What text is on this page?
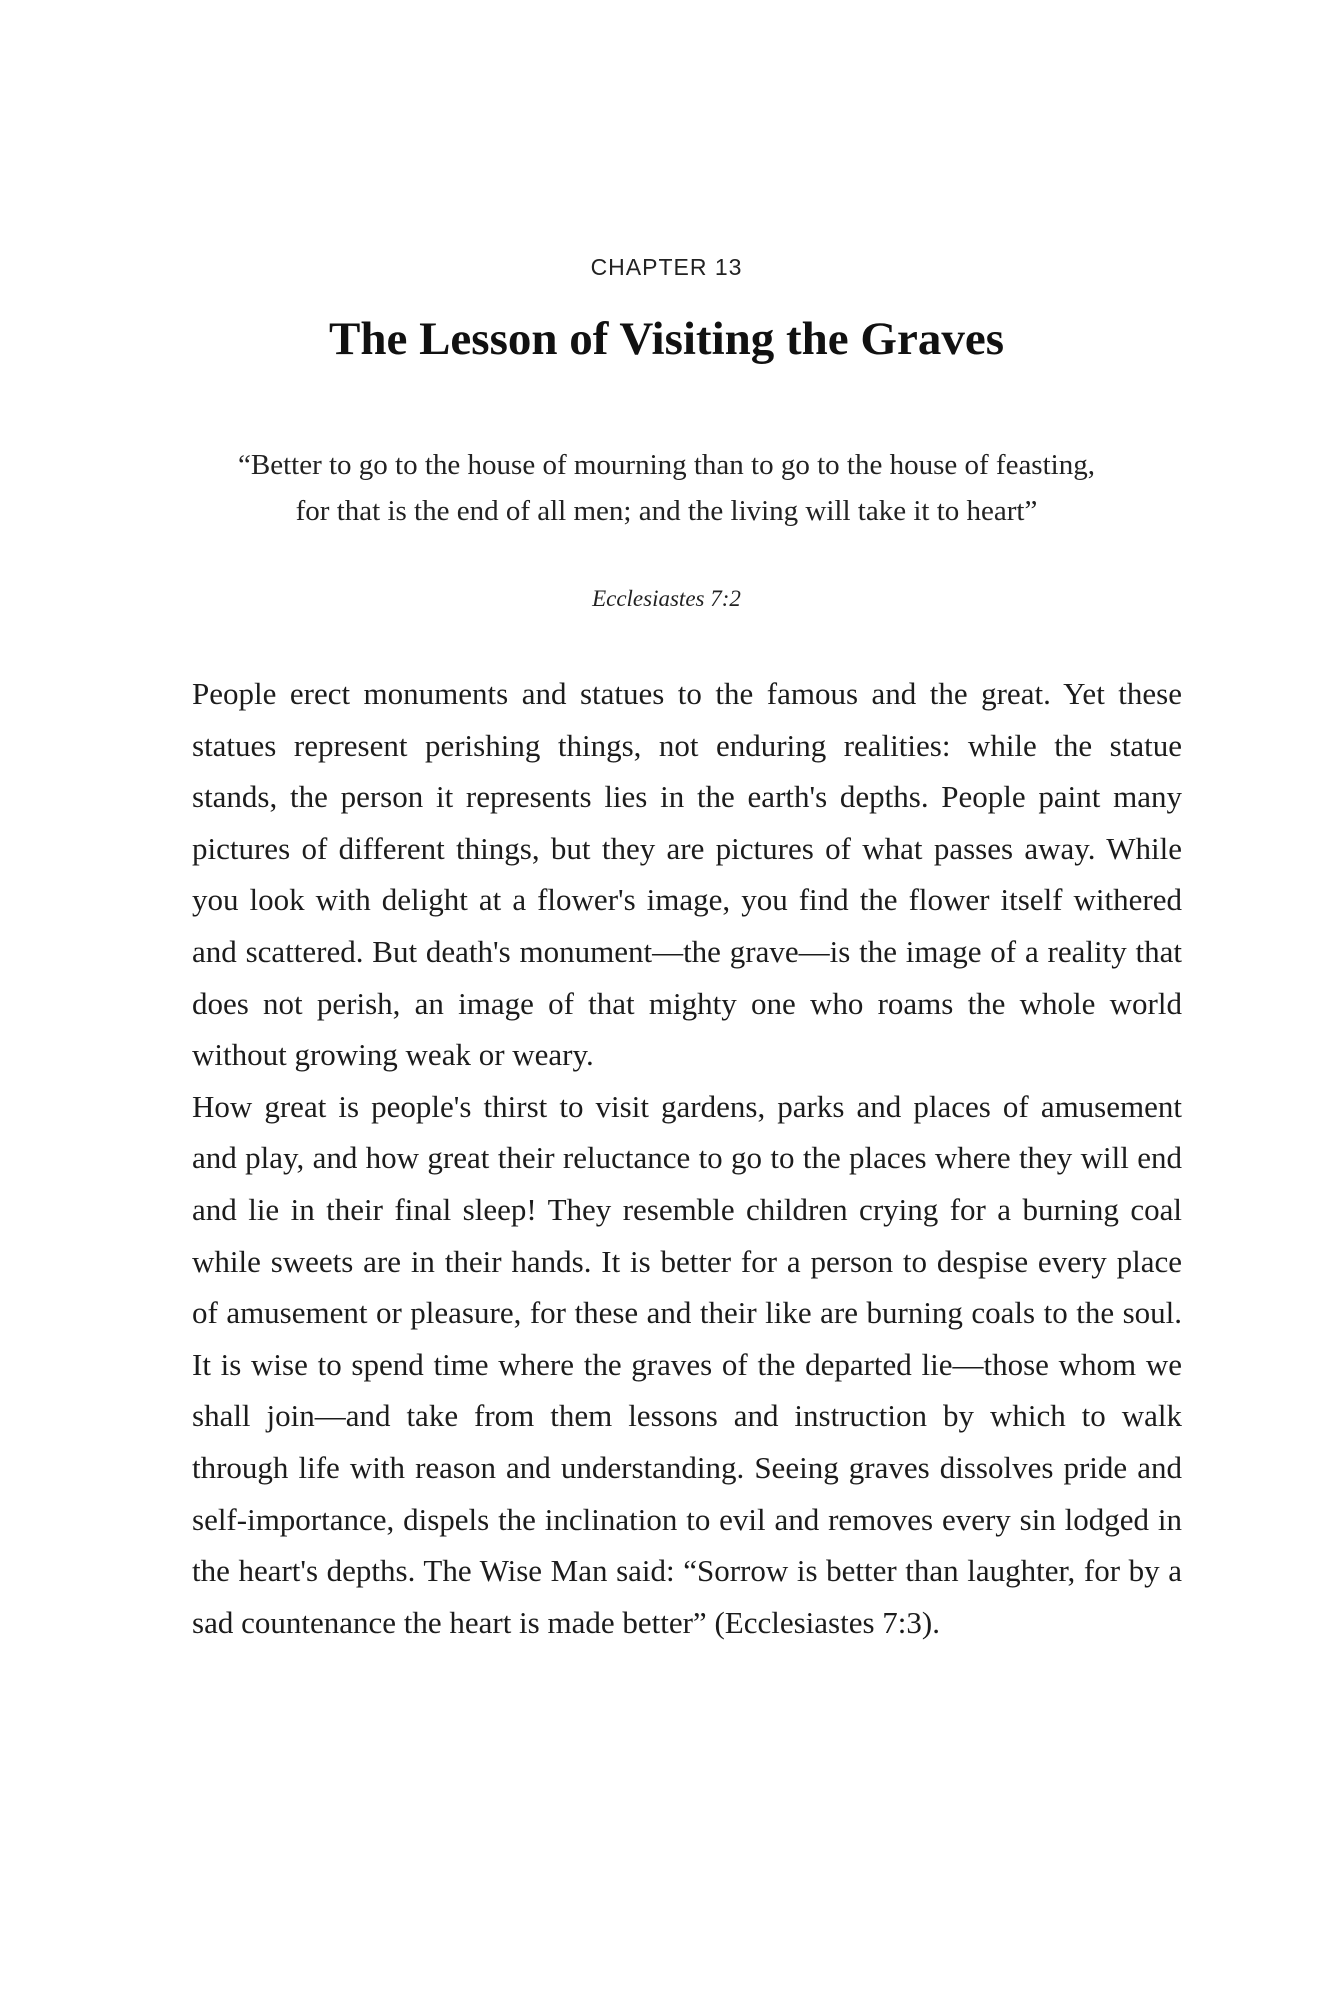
CHAPTER 13
The Lesson of Visiting the Graves
“Better to go to the house of mourning than to go to the house of feasting, for that is the end of all men; and the living will take it to heart”
Ecclesiastes 7:2

People erect monuments and statues to the famous and the great. Yet these statues represent perishing things, not enduring realities: while the statue stands, the person it represents lies in the earth's depths. People paint many pictures of different things, but they are pictures of what passes away. While you look with delight at a flower's image, you find the flower itself withered and scattered. But death's monument—the grave—is the image of a reality that does not perish, an image of that mighty one who roams the whole world without growing weak or weary.

How great is people's thirst to visit gardens, parks and places of amusement and play, and how great their reluctance to go to the places where they will end and lie in their final sleep! They resemble children crying for a burning coal while sweets are in their hands. It is better for a person to despise every place of amusement or pleasure, for these and their like are burning coals to the soul. It is wise to spend time where the graves of the departed lie—those whom we shall join—and take from them lessons and instruction by which to walk through life with reason and understanding. Seeing graves dissolves pride and self-importance, dispels the inclination to evil and removes every sin lodged in the heart's depths. The Wise Man said: “Sorrow is better than laughter, for by a sad countenance the heart is made better” (Ecclesiastes 7:3).
